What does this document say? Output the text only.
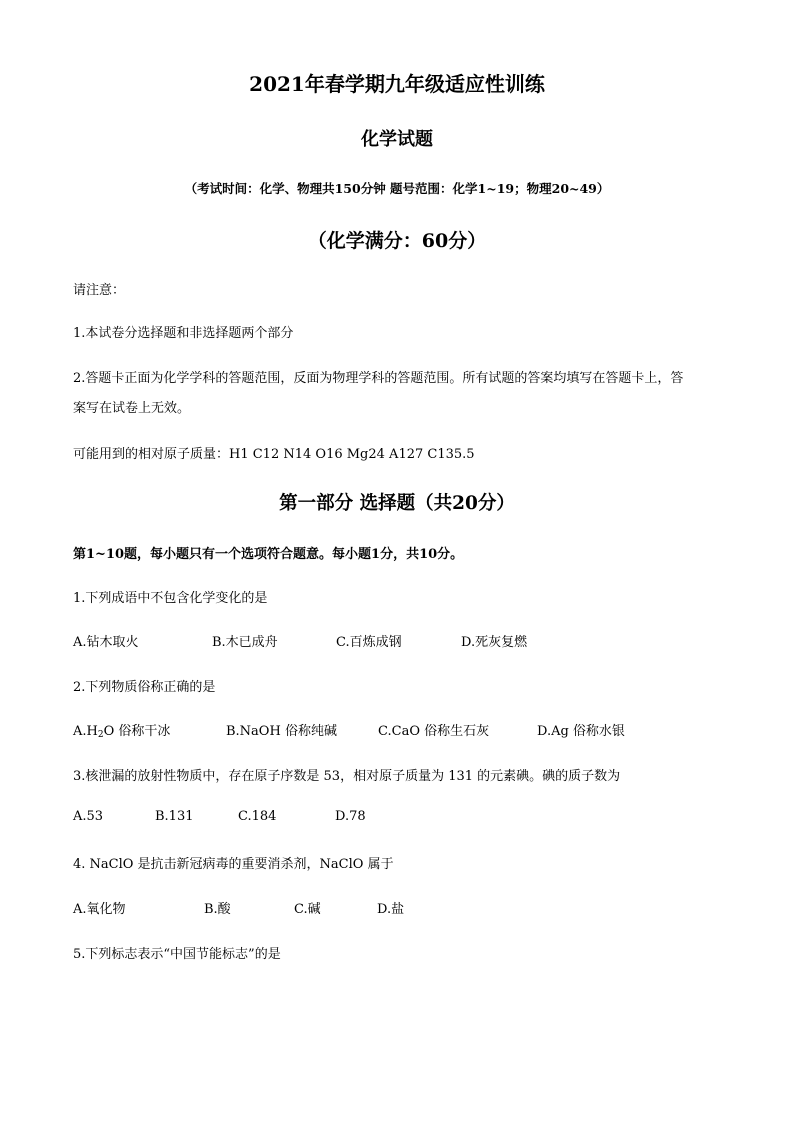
2021年春学期九年级适应性训练
化学试题
（考试时间：化学、物理共150分钟 题号范围：化学1~19；物理20~49）
（化学满分：60分）
请注意：
1.本试卷分选择题和非选择题两个部分
2.答题卡正面为化学学科的答题范围，反面为物理学科的答题范围。所有试题的答案均填写在答题卡上，答
案写在试卷上无效。
可能用到的相对原子质量：H1 C12 N14 O16 Mg24 A127 C135.5
第一部分 选择题（共20分）
第1~10题，每小题只有一个选项符合题意。每小题1分，共10分。
1.下列成语中不包含化学变化的是
A.钻木取火	B.木已成舟	C.百炼成钢	D.死灰复燃
2.下列物质俗称正确的是
$A.H_2O$ 俗称干冰	B.NaOH 俗称纯碱	C.CaO 俗称生石灰	D.Ag 俗称水银
3.核泄漏的放射性物质中，存在原子序数是 53，相对原子质量为 131 的元素碘。碘的质子数为
A.53	B.131	C.184	D.78
4. NaClO 是抗击新冠病毒的重要消杀剂，NaClO 属于
A.氧化物	B.酸	C.碱	D.盐
5.下列标志表示“中国节能标志”的是
